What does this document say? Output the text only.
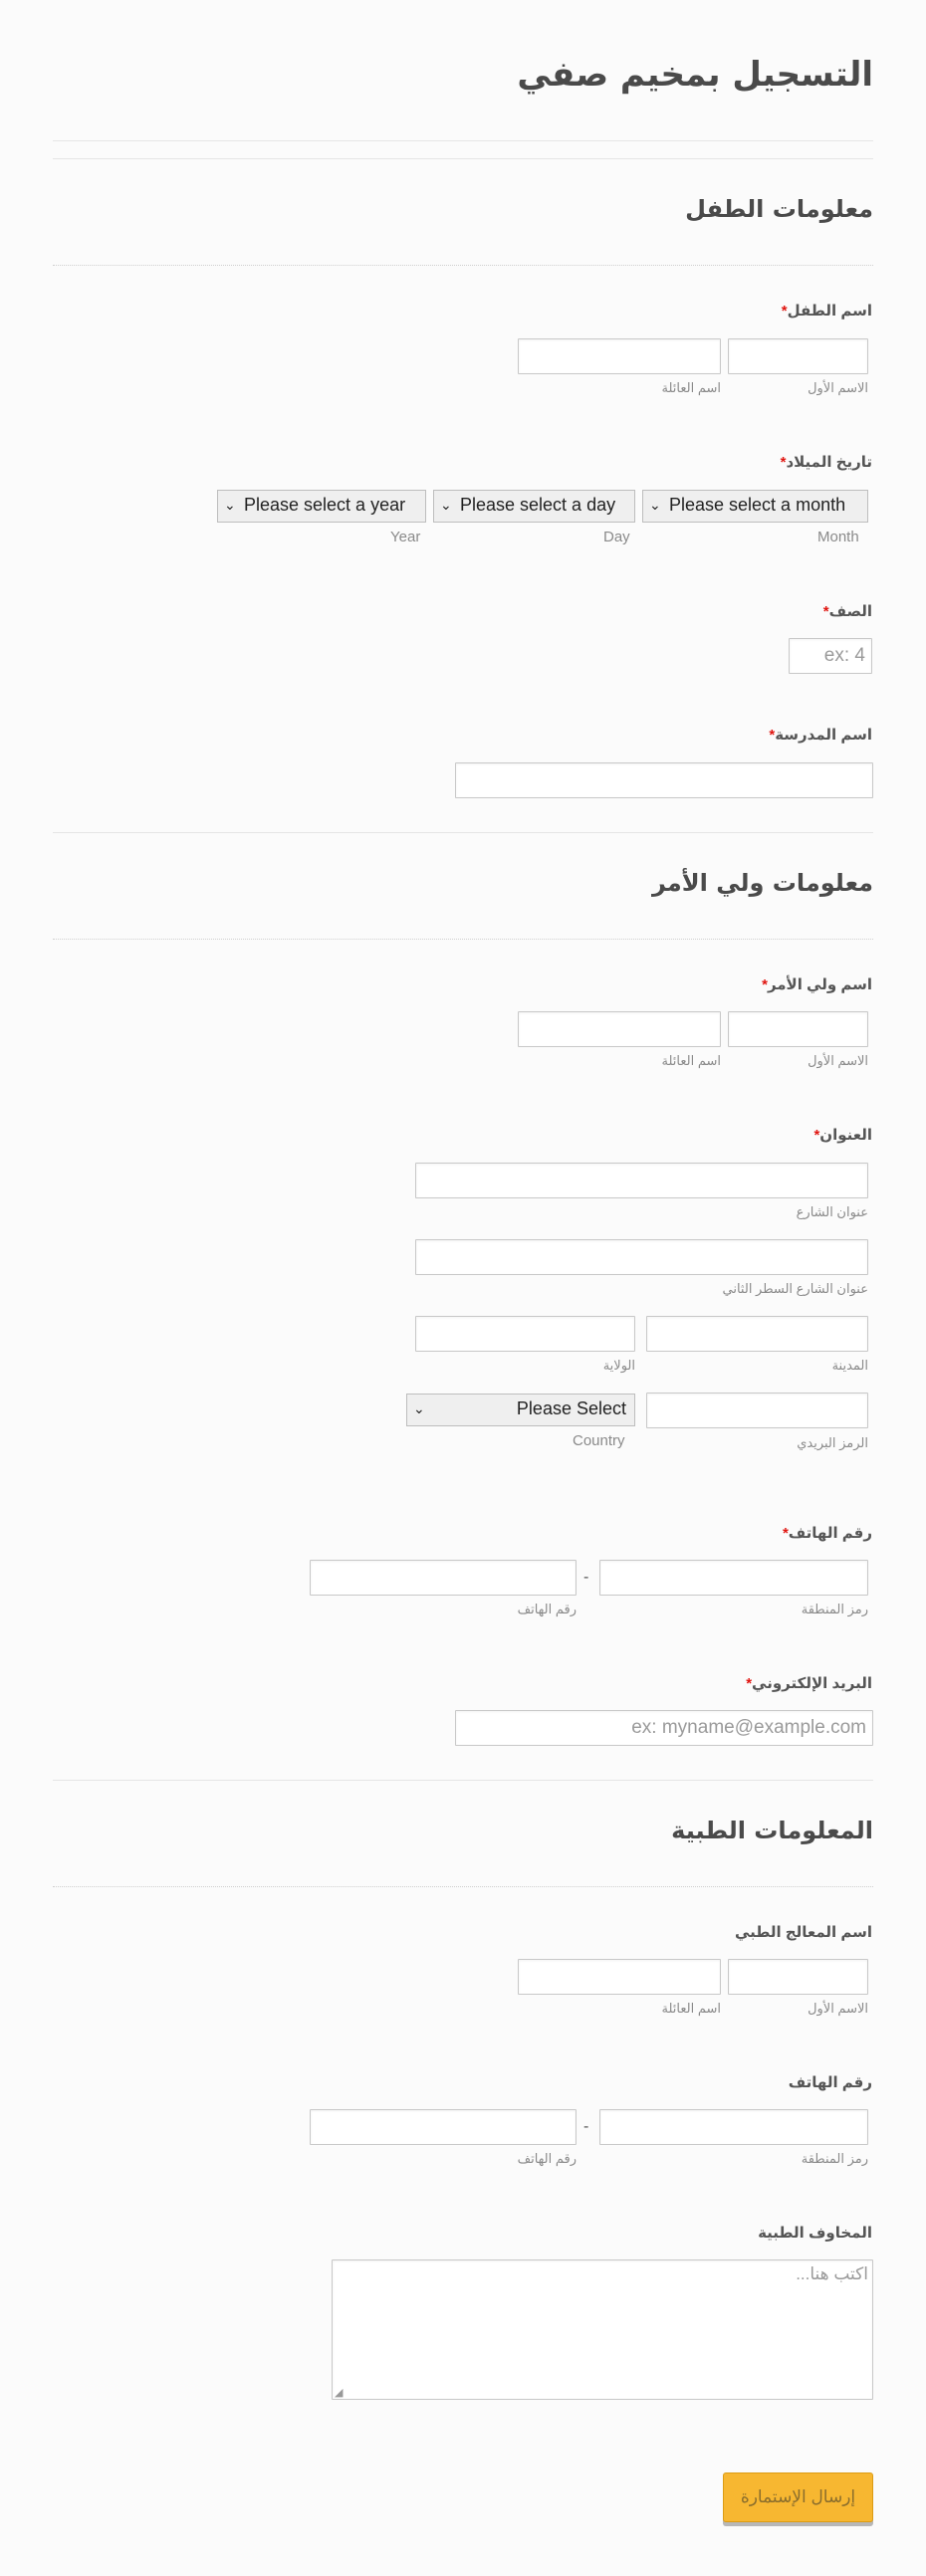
التسجيل بمخيم صفي
معلومات الطفل
اسم الطفل*
الاسم الأول
اسم العائلة
تاريخ الميلاد*
⌄ Please select a month
⌄ Please select a day
⌄ Please select a year
Month
Day
Year
الصف*
ex: 4
اسم المدرسة*
معلومات ولي الأمر
اسم ولي الأمر*
الاسم الأول
اسم العائلة
العنوان*
عنوان الشارع
عنوان الشارع السطر الثاني
المدينة
الولاية
⌄	Please Select
الرمز البريدي
Country
رقم الهاتف*
-
رمز المنطقة
رقم الهاتف
البريد الإلكتروني*
ex: myname@example.com
المعلومات الطبية
اسم المعالج الطبي
الاسم الأول
اسم العائلة
رقم الهاتف
-
رمز المنطقة
رقم الهاتف
المخاوف الطبية
...اكتب هنا
◢
إرسال الإستمارة
